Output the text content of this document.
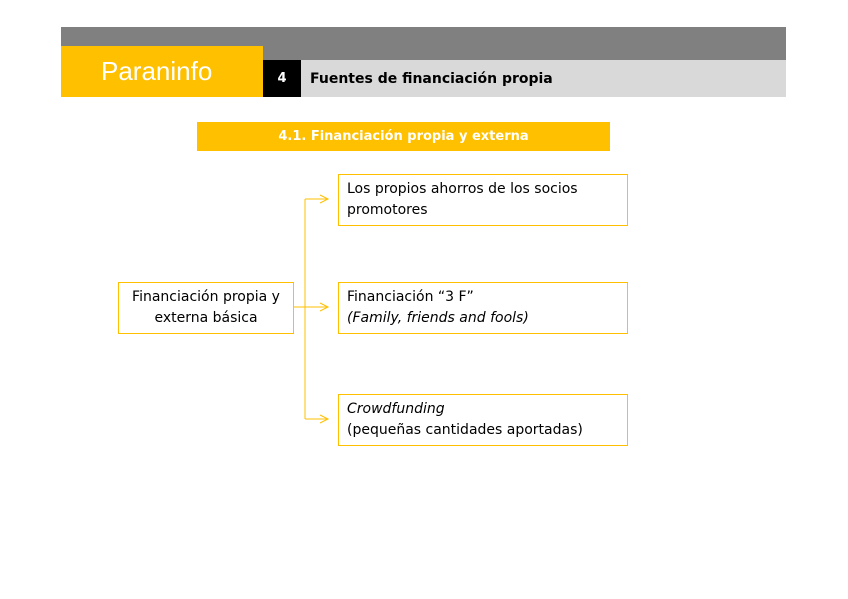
Paraninfo	4	Fuentes de financiación propia
4.1. Financiación propia y externa
Financiación propia y
externa básica
Los propios ahorros de los socios
promotores
Financiación “3 F”
(Family, friends and fools)
Crowdfunding
(pequeñas cantidades aportadas)
